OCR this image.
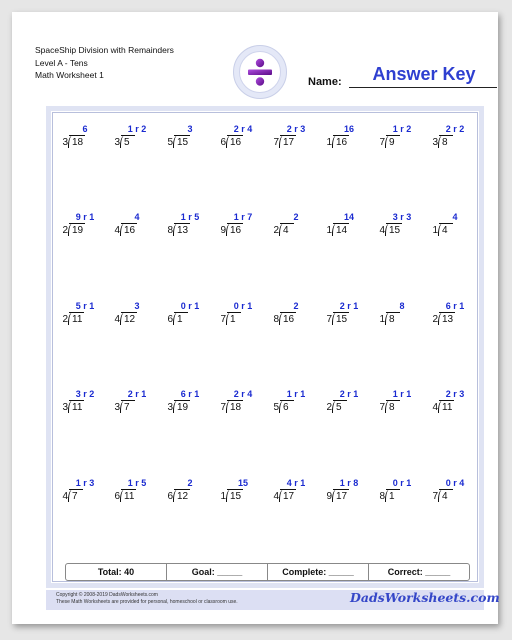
SpaceShip Division with Remainders
Level A - Tens
Math Worksheet 1	Answer Key
Name:
6
3 18
1 r 2
3 5
3
5 15
2 r 4
6 16
2 r 3
7 17
16
1 16
1 r 2
7 9
2 r 2
3 8
9 r 1
2 19
4
4 16
1 r 5
8 13
1 r 7
9 16
2
2 4
14
1 14
3 r 3
4 15
4
1 4
5 r 1
2 11
3
4 12
0 r 1
6 1
0 r 1
7 1
2
8 16
2 r 1
7 15
8
1 8
6 r 1
2 13
3 r 2
3 11
2 r 1
3 7
6 r 1
3 19
2 r 4
7 18
1 r 1
5 6
2 r 1
2 5
1 r 1
7 8
2 r 3
4 11
1 r 3
4 7
1 r 5
6 11
2
6 12
15
1 15
4 r 1
4 17
1 r 8
9 17
0 r 1
8 1
0 r 4
7 4
Total: 40	Goal: _____	Complete: _____	Correct: _____
Copyright © 2008-2019 DadsWorksheets.com
These Math Worksheets are provided for personal, homeschool or classroom use.	DadsWorksheets.com
